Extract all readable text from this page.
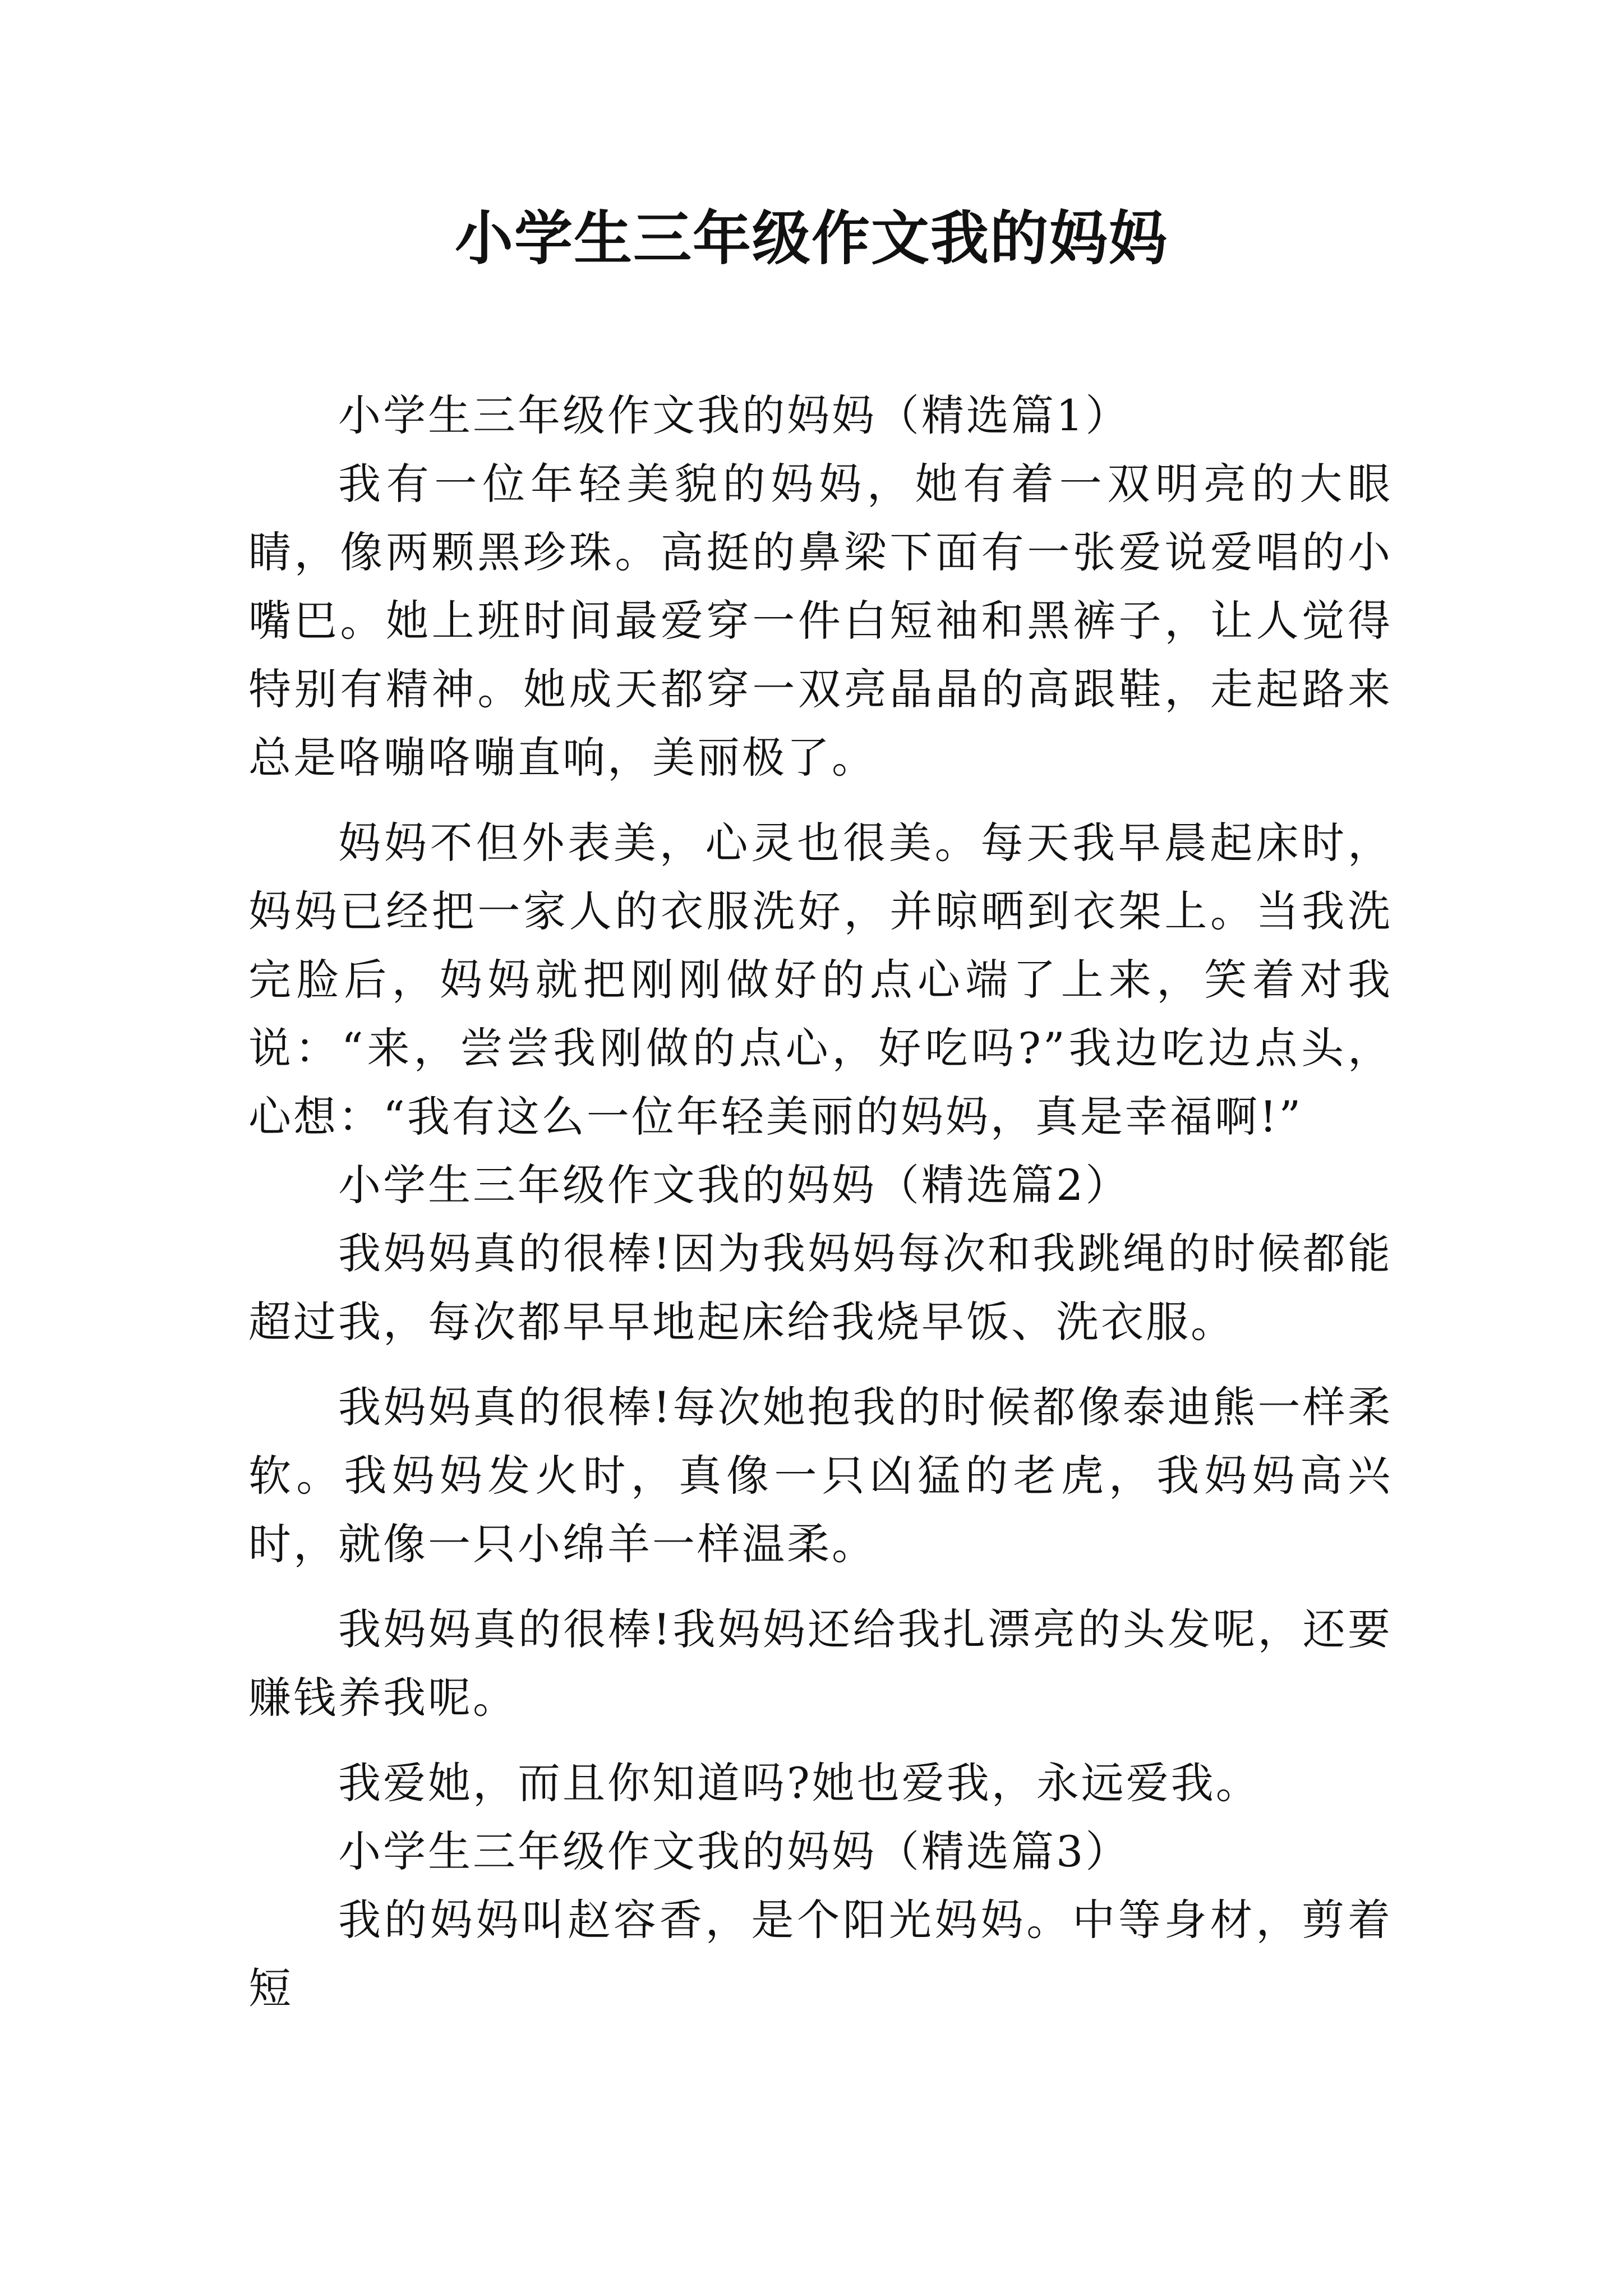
小学生三年级作文我的妈妈

小学生三年级作文我的妈妈（精选篇1）

我有一位年轻美貌的妈妈，她有着一双明亮的大眼睛，像两颗黑珍珠。高挺的鼻梁下面有一张爱说爱唱的小嘴巴。她上班时间最爱穿一件白短袖和黑裤子，让人觉得特别有精神。她成天都穿一双亮晶晶的高跟鞋，走起路来总是咯嘣咯嘣直响，美丽极了。

妈妈不但外表美，心灵也很美。每天我早晨起床时，妈妈已经把一家人的衣服洗好，并晾晒到衣架上。当我洗完脸后，妈妈就把刚刚做好的点心端了上来，笑着对我说：“来，尝尝我刚做的点心，好吃吗?”我边吃边点头，心想：“我有这么一位年轻美丽的妈妈，真是幸福啊!”

小学生三年级作文我的妈妈（精选篇2）

我妈妈真的很棒!因为我妈妈每次和我跳绳的时候都能超过我，每次都早早地起床给我烧早饭、洗衣服。

我妈妈真的很棒!每次她抱我的时候都像泰迪熊一样柔软。我妈妈发火时，真像一只凶猛的老虎，我妈妈高兴时，就像一只小绵羊一样温柔。

我妈妈真的很棒!我妈妈还给我扎漂亮的头发呢，还要赚钱养我呢。

我爱她，而且你知道吗?她也爱我，永远爱我。

小学生三年级作文我的妈妈（精选篇3）

我的妈妈叫赵容香，是个阳光妈妈。中等身材，剪着短
